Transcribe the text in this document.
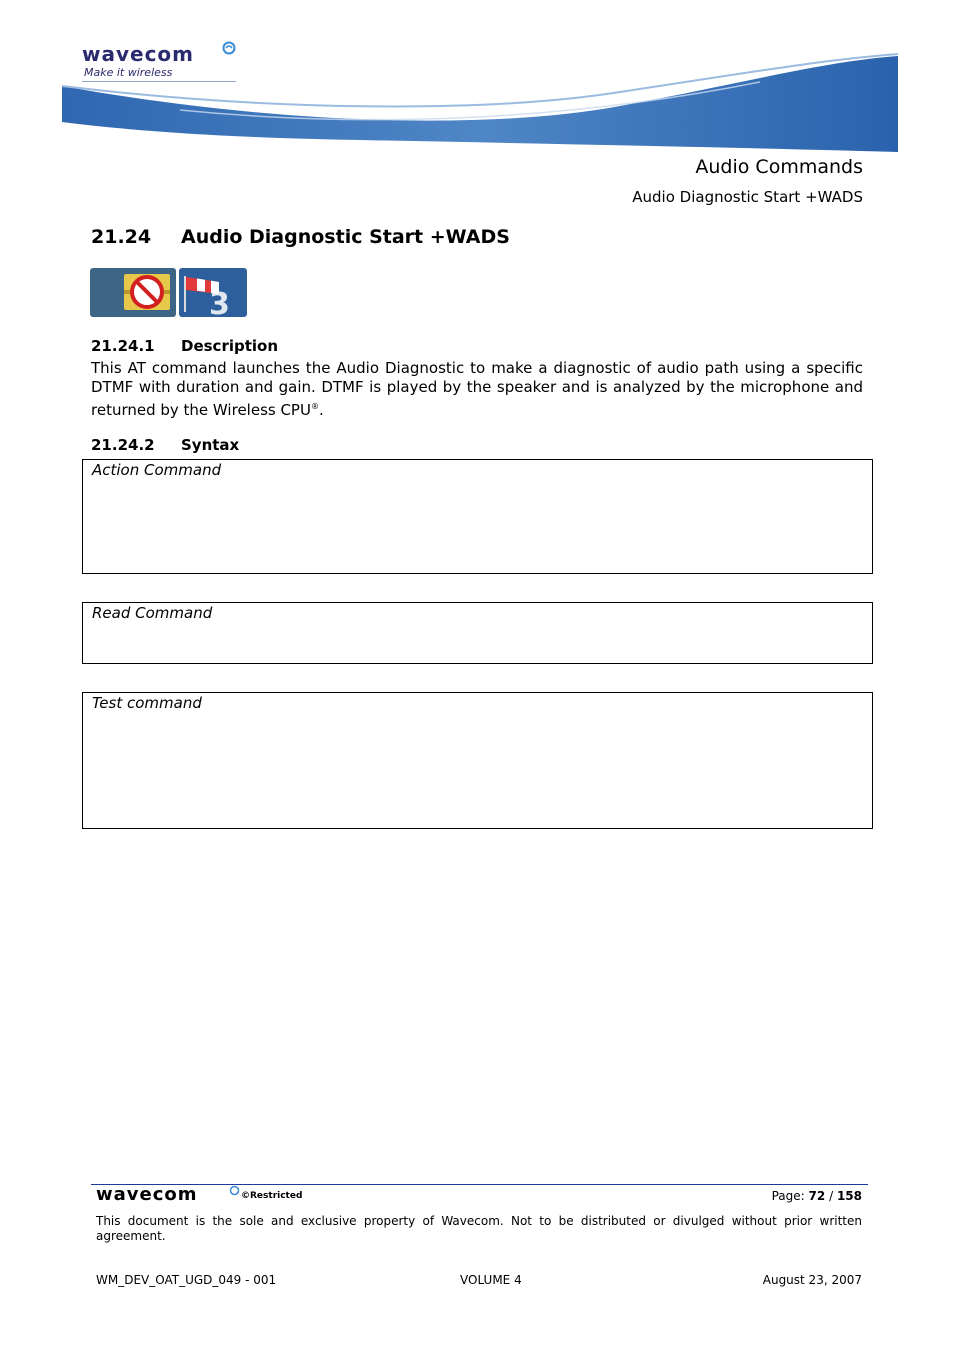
wavecom
Make it wireless
Audio Commands
Audio Diagnostic Start +WADS
21.24 Audio Diagnostic Start +WADS
3
21.24.1 Description
This AT command launches the Audio Diagnostic to make a diagnostic of audio path using a specific DTMF with duration and gain. DTMF is played by the speaker and is analyzed by the microphone and returned by the Wireless CPU®.
21.24.2 Syntax
Action Command
Read Command
Test command
wavecom	©Restricted	Page: 72 / 158
This document is the sole and exclusive property of Wavecom. Not to be distributed or divulged without prior written agreement.
WM_DEV_OAT_UGD_049 - 001	VOLUME 4	August 23, 2007
